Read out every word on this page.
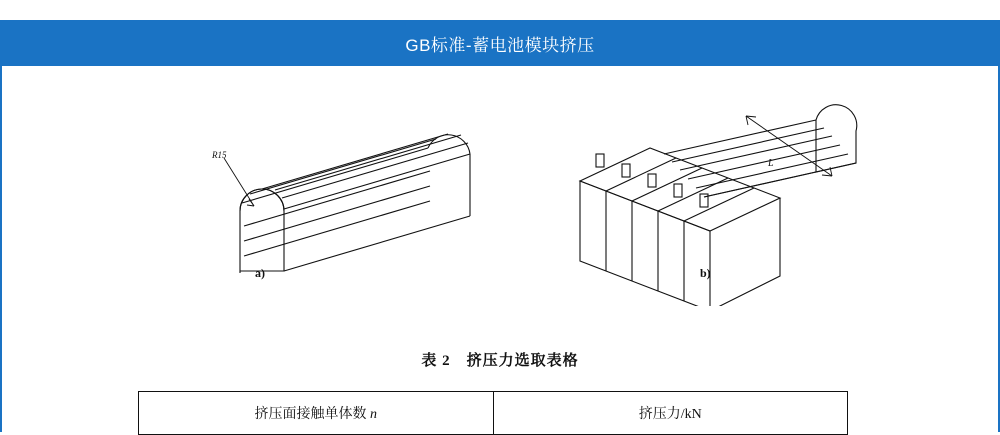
GB标准-蓄电池模块挤压
R15
L
a)	b)
表 2 挤压力选取表格
挤压面接触单体数 n	挤压力/kN
